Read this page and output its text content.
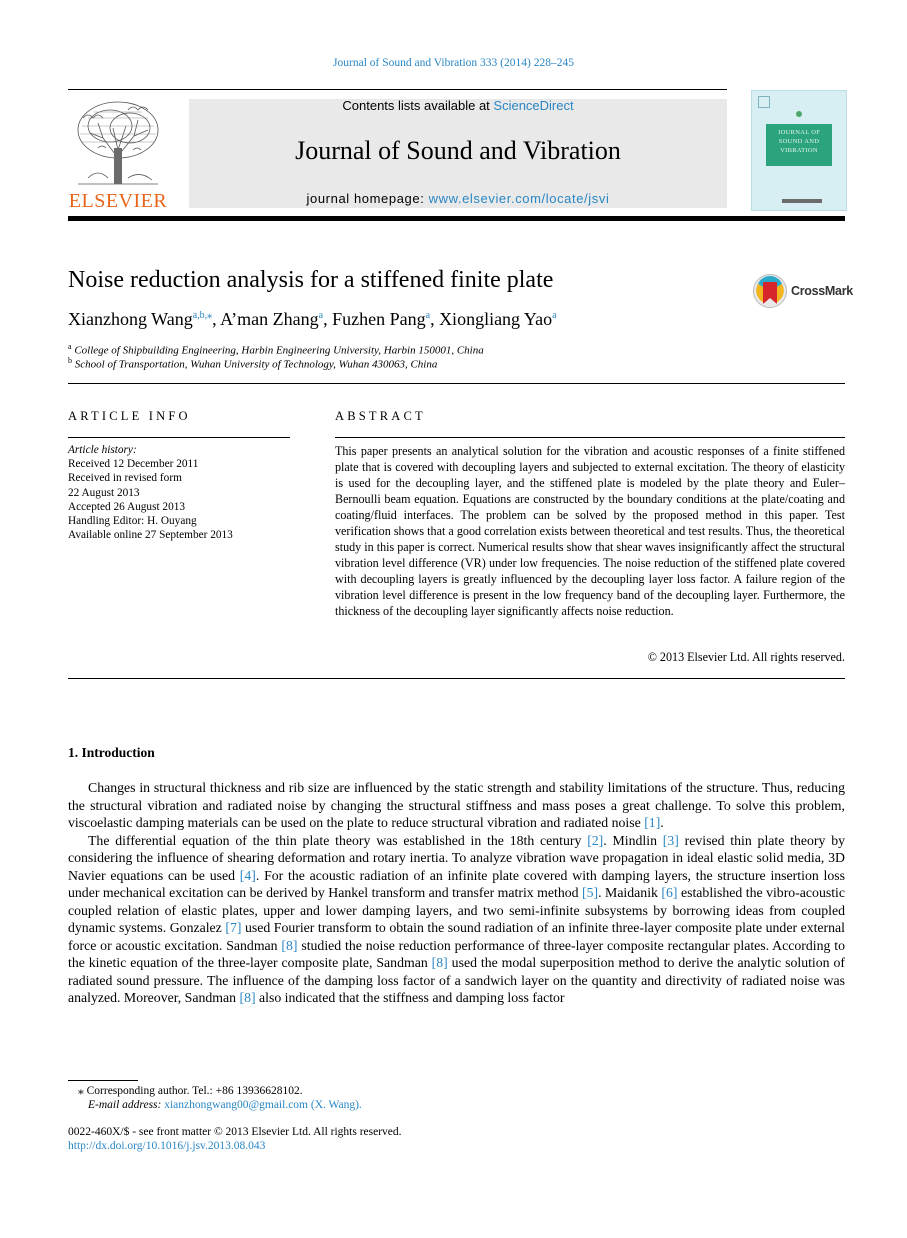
Journal of Sound and Vibration 333 (2014) 228–245
ELSEVIER
Contents lists available at ScienceDirect
Journal of Sound and Vibration
journal homepage: www.elsevier.com/locate/jsvi
JOURNAL OF SOUND AND VIBRATION
Noise reduction analysis for a stiffened finite plate	CrossMark
Xianzhong Wang$^{a,b,⁎}$, A’man Zhang$^a$, Fuzhen Pang$^a$, Xiongliang Yao$^a$
$^a$ College of Shipbuilding Engineering, Harbin Engineering University, Harbin 150001, China
$^b$ School of Transportation, Wuhan University of Technology, Wuhan 430063, China
ARTICLE INFO
Article history:
Received 12 December 2011
Received in revised form
22 August 2013
Accepted 26 August 2013
Handling Editor: H. Ouyang
Available online 27 September 2013
ABSTRACT
This paper presents an analytical solution for the vibration and acoustic responses of a finite stiffened plate that is covered with decoupling layers and subjected to external excitation. The theory of elasticity is used for the decoupling layer, and the stiffened plate is modeled by the plate theory and Euler–Bernoulli beam equation. Equations are constructed by the boundary conditions at the plate/coating and coating/fluid interfaces. The problem can be solved by the proposed method in this paper. Test verification shows that a good correlation exists between theoretical and test results. Thus, the theoretical study in this paper is correct. Numerical results show that shear waves insignificantly affect the structural vibration level difference (VR) under low frequencies. The noise reduction of the stiffened plate covered with decoupling layers is greatly influenced by the decoupling layer loss factor. A failure region of the vibration level difference is present in the low frequency band of the decoupling layer. Furthermore, the thickness of the decoupling layer significantly affects noise reduction.
© 2013 Elsevier Ltd. All rights reserved.
1. Introduction

Changes in structural thickness and rib size are influenced by the static strength and stability limitations of the structure. Thus, reducing the structural vibration and radiated noise by changing the structural stiffness and mass poses a great challenge. To solve this problem, viscoelastic damping materials can be used on the plate to reduce structural vibration and radiated noise [1].

The differential equation of the thin plate theory was established in the 18th century [2]. Mindlin [3] revised thin plate theory by considering the influence of shearing deformation and rotary inertia. To analyze vibration wave propagation in ideal elastic solid media, 3D Navier equations can be used [4]. For the acoustic radiation of an infinite plate covered with damping layers, the structure insertion loss under mechanical excitation can be derived by Hankel transform and transfer matrix method [5]. Maidanik [6] established the vibro-acoustic coupled relation of elastic plates, upper and lower damping layers, and two semi-infinite subsystems by borrowing ideas from coupled dynamic systems. Gonzalez [7] used Fourier transform to obtain the sound radiation of an infinite three-layer composite plate under external force or acoustic excitation. Sandman [8] studied the noise reduction performance of three-layer composite rectangular plates. According to the kinetic equation of the three-layer composite plate, Sandman [8] used the modal superposition method to derive the analytic solution of radiated sound pressure. The influence of the damping loss factor of a sandwich layer on the quantity and directivity of radiated noise was analyzed. Moreover, Sandman [8] also indicated that the stiffness and damping loss factor

⁎ Corresponding author. Tel.: +86 13936628102.
E-mail address: xianzhongwang00@gmail.com (X. Wang).
0022-460X/$ - see front matter © 2013 Elsevier Ltd. All rights reserved.
http://dx.doi.org/10.1016/j.jsv.2013.08.043
